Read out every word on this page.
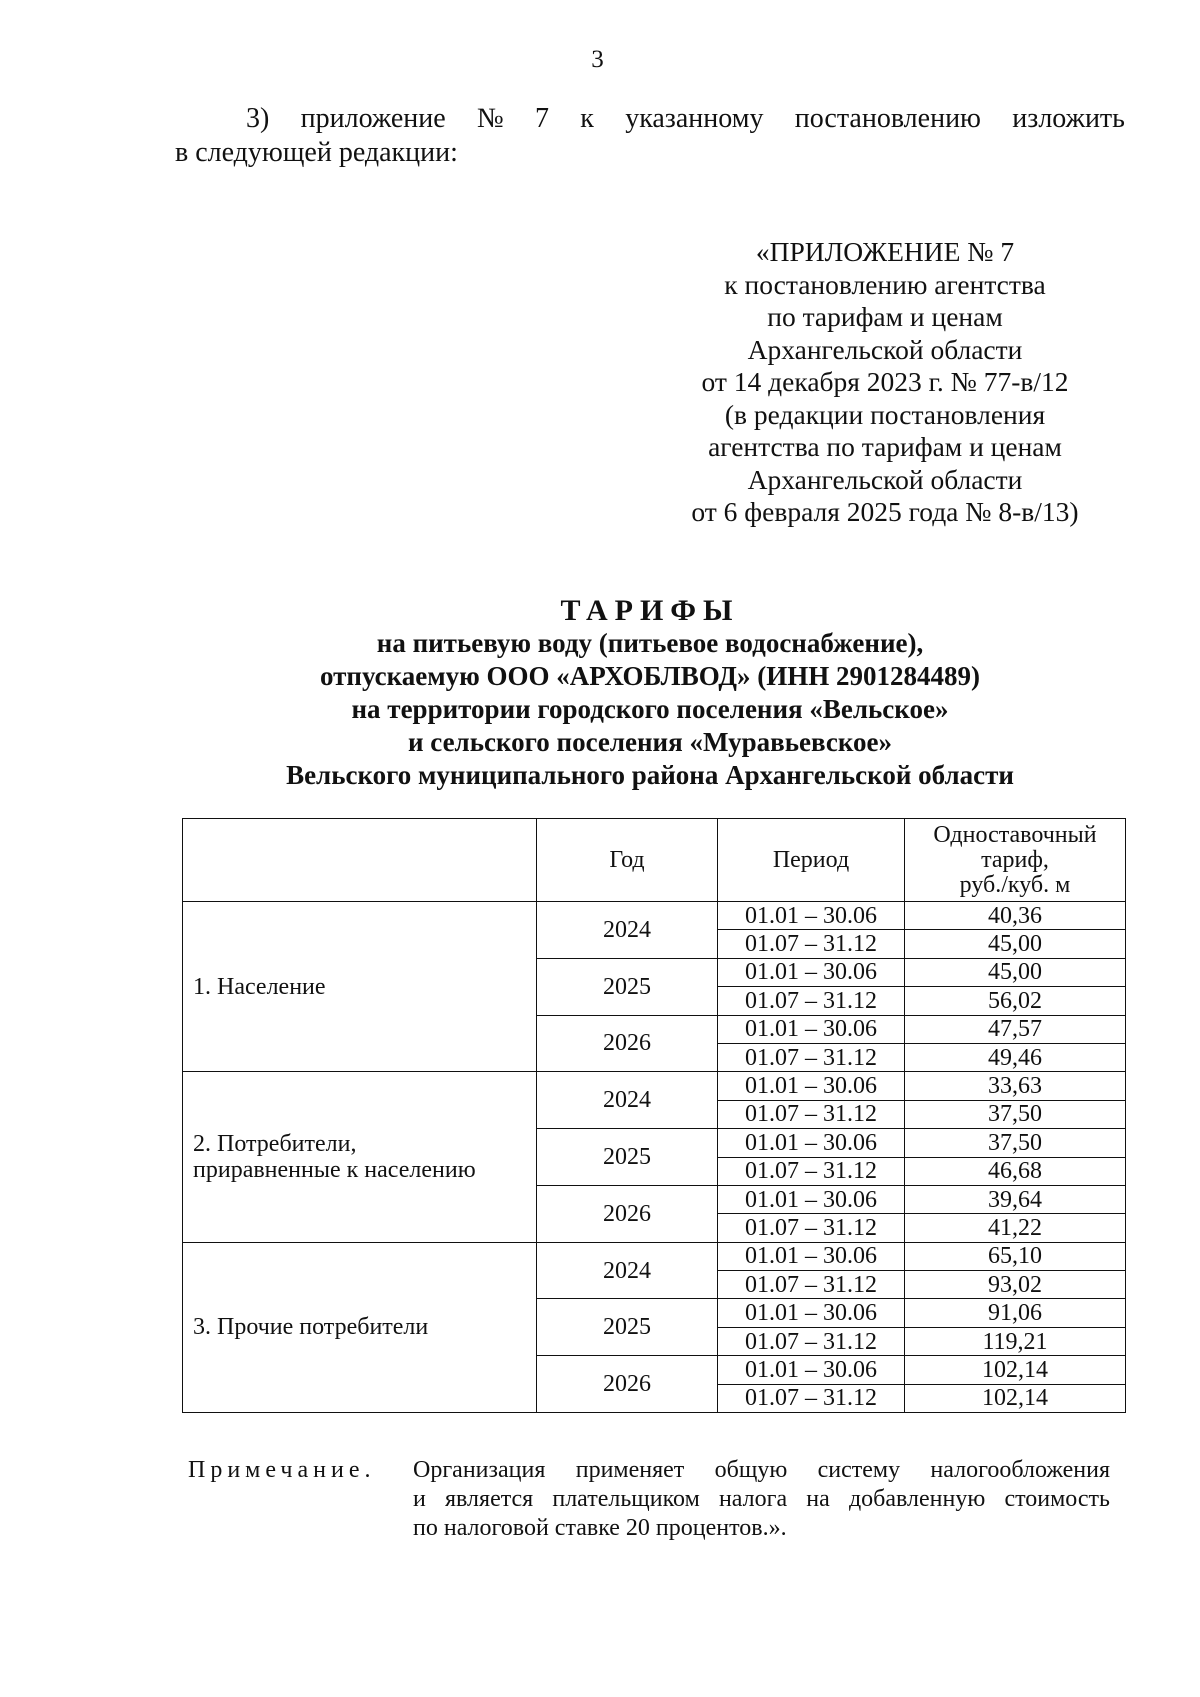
3
3) приложение № 7 к указанному постановлению изложить
в следующей редакции:
«ПРИЛОЖЕНИЕ № 7
к постановлению агентства
по тарифам и ценам
Архангельской области
от 14 декабря 2023 г. № 77-в/12
(в редакции постановления
агентства по тарифам и ценам
Архангельской области
от 6 февраля 2025 года № 8-в/13)
ТАРИФЫ
на питьевую воду (питьевое водоснабжение),
отпускаемую ООО «АРХОБЛВОД» (ИНН 2901284489)
на территории городского поселения «Вельское»
и сельского поселения «Муравьевское»
Вельского муниципального района Архангельской области
	Год	Период	Одноставочный
тариф,
руб./куб. м

1. Население	2024	01.01 – 30.06	40,36
		01.07 – 31.12	45,00
	2025	01.01 – 30.06	45,00
		01.07 – 31.12	56,02
	2026	01.01 – 30.06	47,57
		01.07 – 31.12	49,46

2. Потребители,
приравненные к населению	2024	01.01 – 30.06	33,63
		01.07 – 31.12	37,50
	2025	01.01 – 30.06	37,50
		01.07 – 31.12	46,68
	2026	01.01 – 30.06	39,64
		01.07 – 31.12	41,22

3. Прочие потребители	2024	01.01 – 30.06	65,10
		01.07 – 31.12	93,02
	2025	01.01 – 30.06	91,06
		01.07 – 31.12	119,21
	2026	01.01 – 30.06	102,14
		01.07 – 31.12	102,14
Примечание.	Организация применяет общую систему налогообложения
и является плательщиком налога на добавленную стоимость
по налоговой ставке 20 процентов.».
